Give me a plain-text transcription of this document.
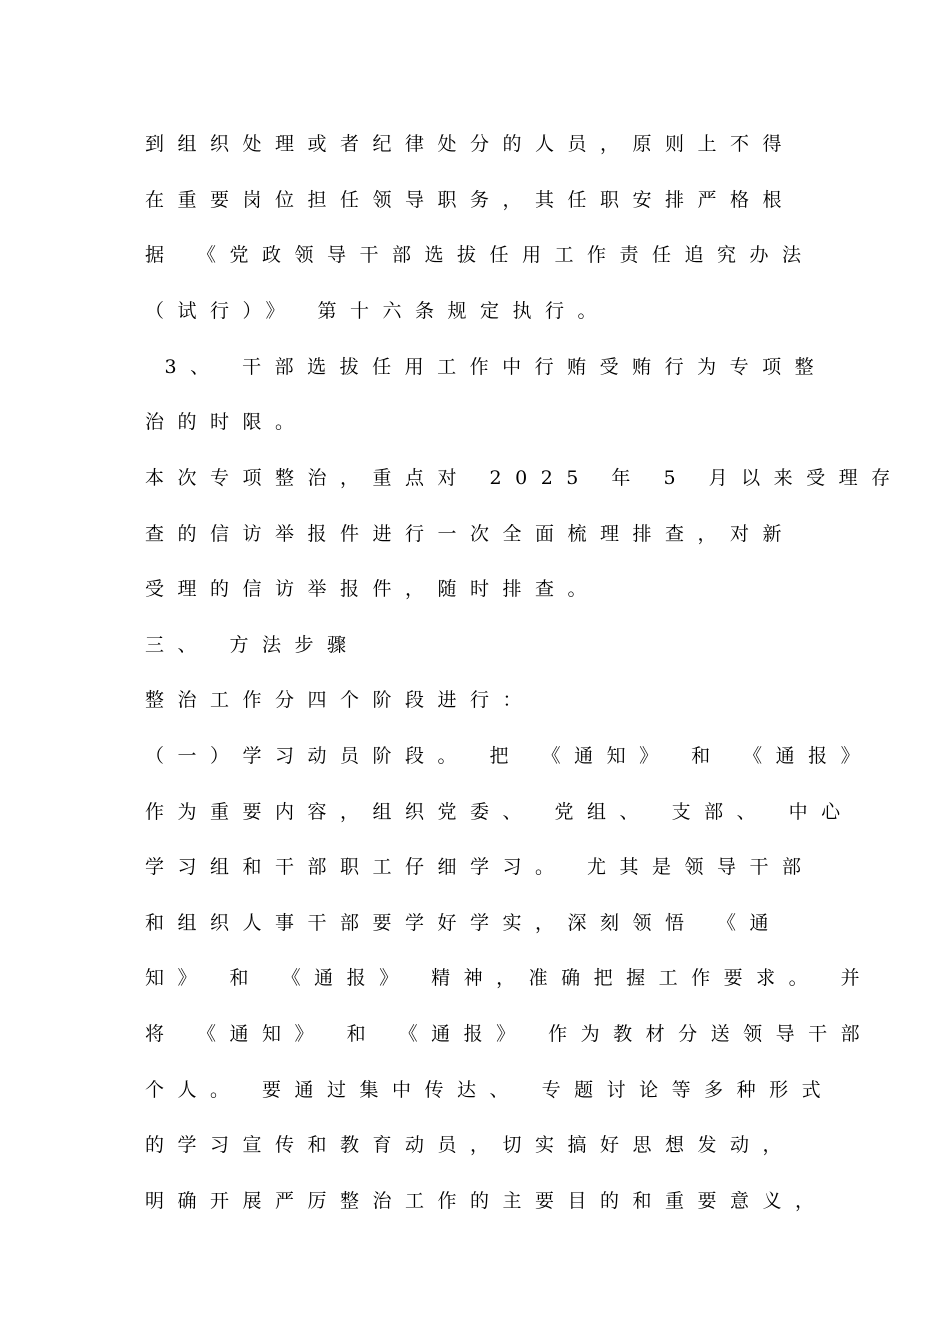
到组织处理或者纪律处分的人员，原则上不得
在重要岗位担任领导职务，其任职安排严格根
据 《党政领导干部选拔任用工作责任追究办法
（试行）》 第十六条规定执行。
3、 干部选拔任用工作中行贿受贿行为专项整
治的时限。
本次专项整治，重点对 2025 年 5 月以来受理存
查的信访举报件进行一次全面梳理排查，对新
受理的信访举报件，随时排查。
三、 方法步骤
整治工作分四个阶段进行：
（一）学习动员阶段。 把 《通知》 和 《通报》
作为重要内容，组织党委、 党组、 支部、 中心
学习组和干部职工仔细学习。 尤其是领导干部
和组织人事干部要学好学实，深刻领悟 《通
知》 和 《通报》 精神，准确把握工作要求。 并
将 《通知》 和 《通报》 作为教材分送领导干部
个人。 要通过集中传达、 专题讨论等多种形式
的学习宣传和教育动员，切实搞好思想发动，
明确开展严厉整治工作的主要目的和重要意义，
